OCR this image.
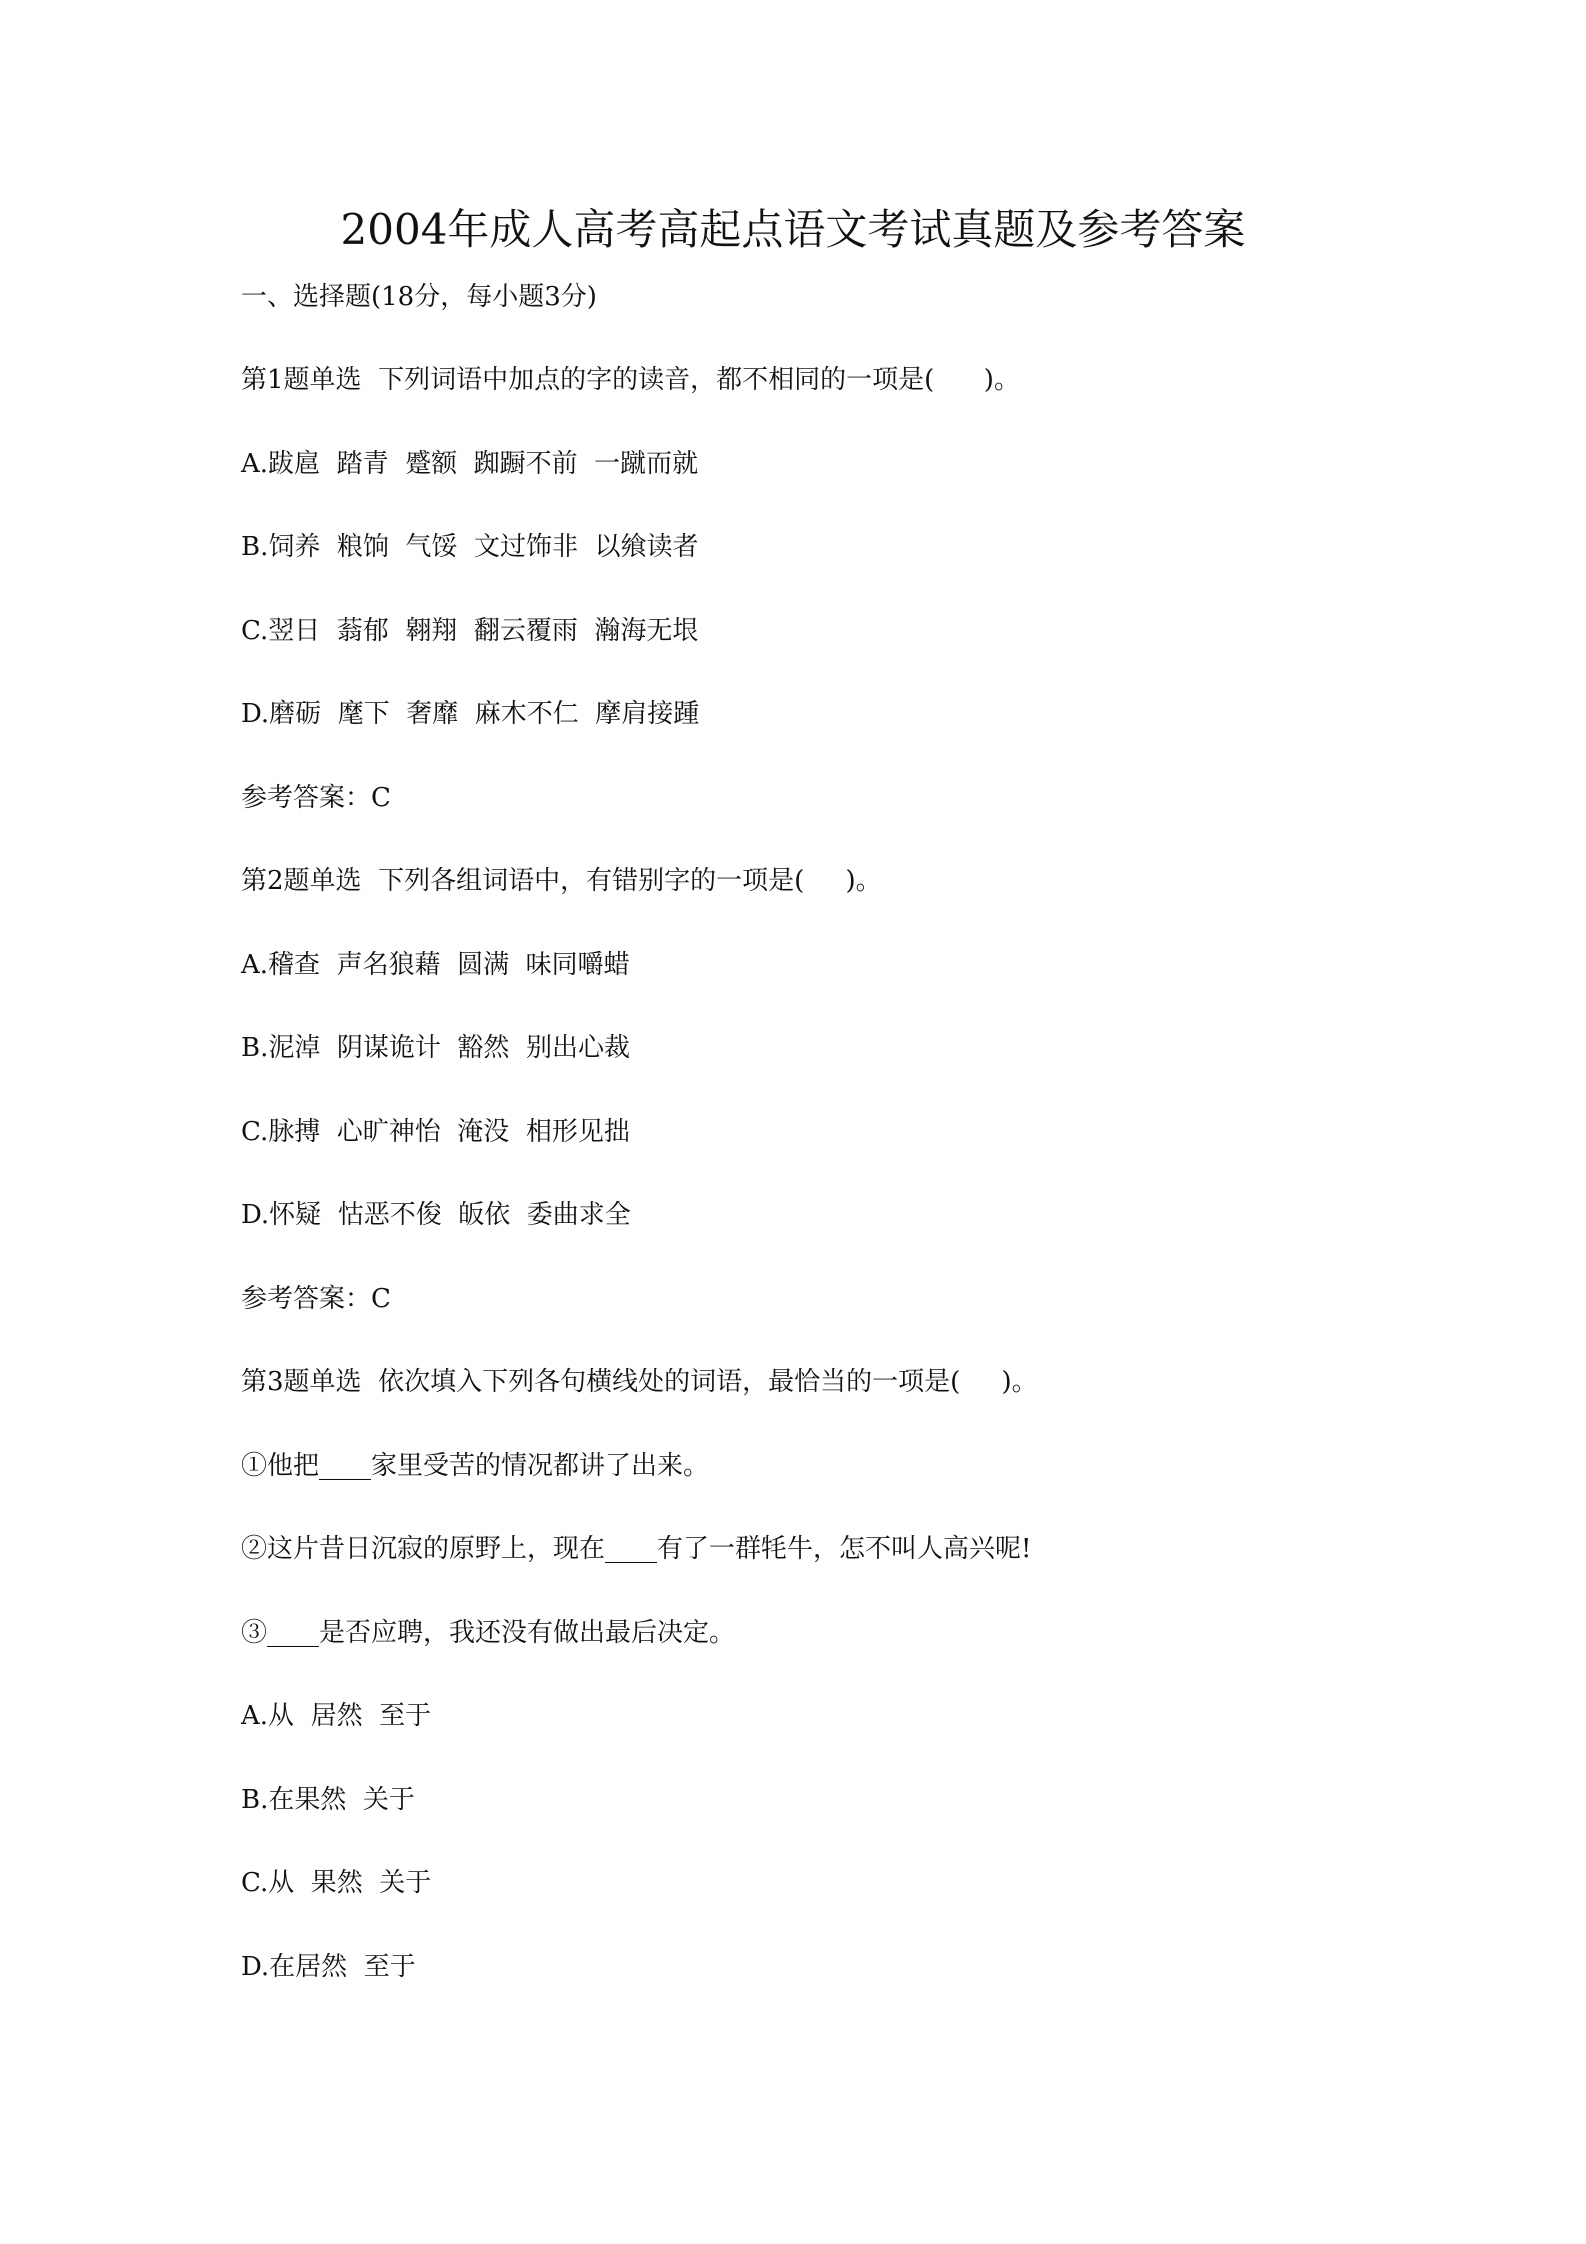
2004年成人高考高起点语文考试真题及参考答案
一、选择题(18分，每小题3分)
第1题单选  下列词语中加点的字的读音，都不相同的一项是(      )。
A.跋扈  踏青  蹙额  踟蹰不前  一蹴而就
B.饲养  粮饷  气馁  文过饰非  以飨读者
C.翌日  蓊郁  翱翔  翻云覆雨  瀚海无垠
D.磨砺  麾下  奢靡  麻木不仁  摩肩接踵
参考答案：C
第2题单选  下列各组词语中，有错别字的一项是(     )。
A.稽查  声名狼藉  圆满  味同嚼蜡
B.泥淖  阴谋诡计  豁然  别出心裁
C.脉搏  心旷神怡  淹没  相形见拙
D.怀疑  怙恶不俊  皈依  委曲求全
参考答案：C
第3题单选  依次填入下列各句横线处的词语，最恰当的一项是(     )。
①他把____家里受苦的情况都讲了出来。
②这片昔日沉寂的原野上，现在____有了一群牦牛，怎不叫人高兴呢!
③____是否应聘，我还没有做出最后决定。
A.从  居然  至于
B.在果然  关于
C.从  果然  关于
D.在居然  至于
